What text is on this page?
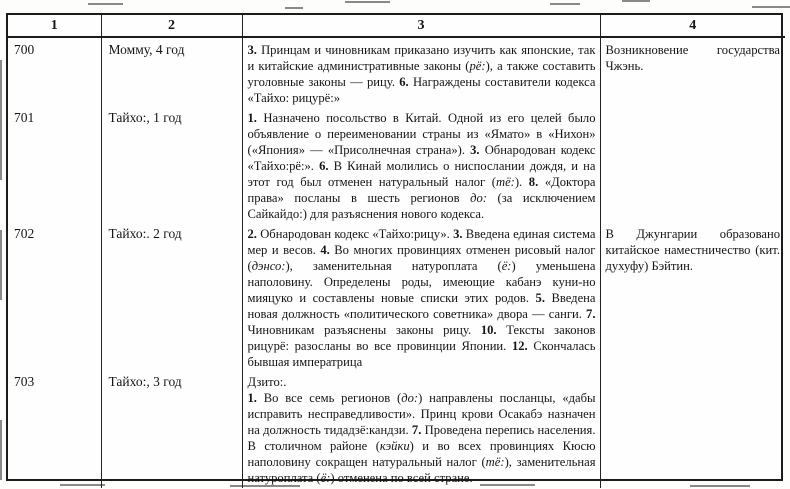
1	2	3	4
700	Момму, 4 год	3. Принцам и чиновникам приказано изучить как японские, так и китайские административные законы (рё:), а также составить уголовные законы — рицу. 6. Награждены составители кодекса «Тайхо: рицурё:»	Возникновение государства Чжэнь.

701	Тайхо:, 1 год	1. Назначено посольство в Китай. Одной из его целей было объявление о переименовании страны из «Ямато» в «Нихон» («Япония» — «Присолнечная страна»). 3. Обнародован кодекс «Тайхо:рё:». 6. В Кинай молились о ниспослании дождя, и на этот год был отменен натуральный налог (тё:). 8. «Доктора права» посланы в шесть регионов до: (за исключением Сайкайдо:) для разъяснения нового кодекса.	

702	Тайхо:. 2 год	2. Обнародован кодекс «Тайхо:рицу». 3. Введена единая система мер и весов. 4. Во многих провинциях отменен рисовый налог (дэнсо:), заменительная натуроплата (ё:) уменьшена наполовину. Определены роды, имеющие кабанэ куни-но мияцуко и составлены новые списки этих родов. 5. Введена новая должность «политического советника» двора — санги. 7. Чиновникам разъяснены законы рицу. 10. Тексты законов рицурё: разосланы во все провинции Японии. 12. Скончалась бывшая императрица	В Джунгарии образовано китайское наместничество (кит. духуфу) Бэйтин.

703	Тайхо:, 3 год	Дзито:.
1. Во все семь регионов (до:) направлены посланцы, «дабы исправить несправедливости». Принц крови Осакабэ назначен на должность тидадзё:кандзи. 7. Проведена перепись населения. В столичном районе (кэйки) и во всех провинциях Кюсю наполовину сокращен натуральный налог (тё:), заменительная натуроплата (ё:) отменена по всей стране.	
